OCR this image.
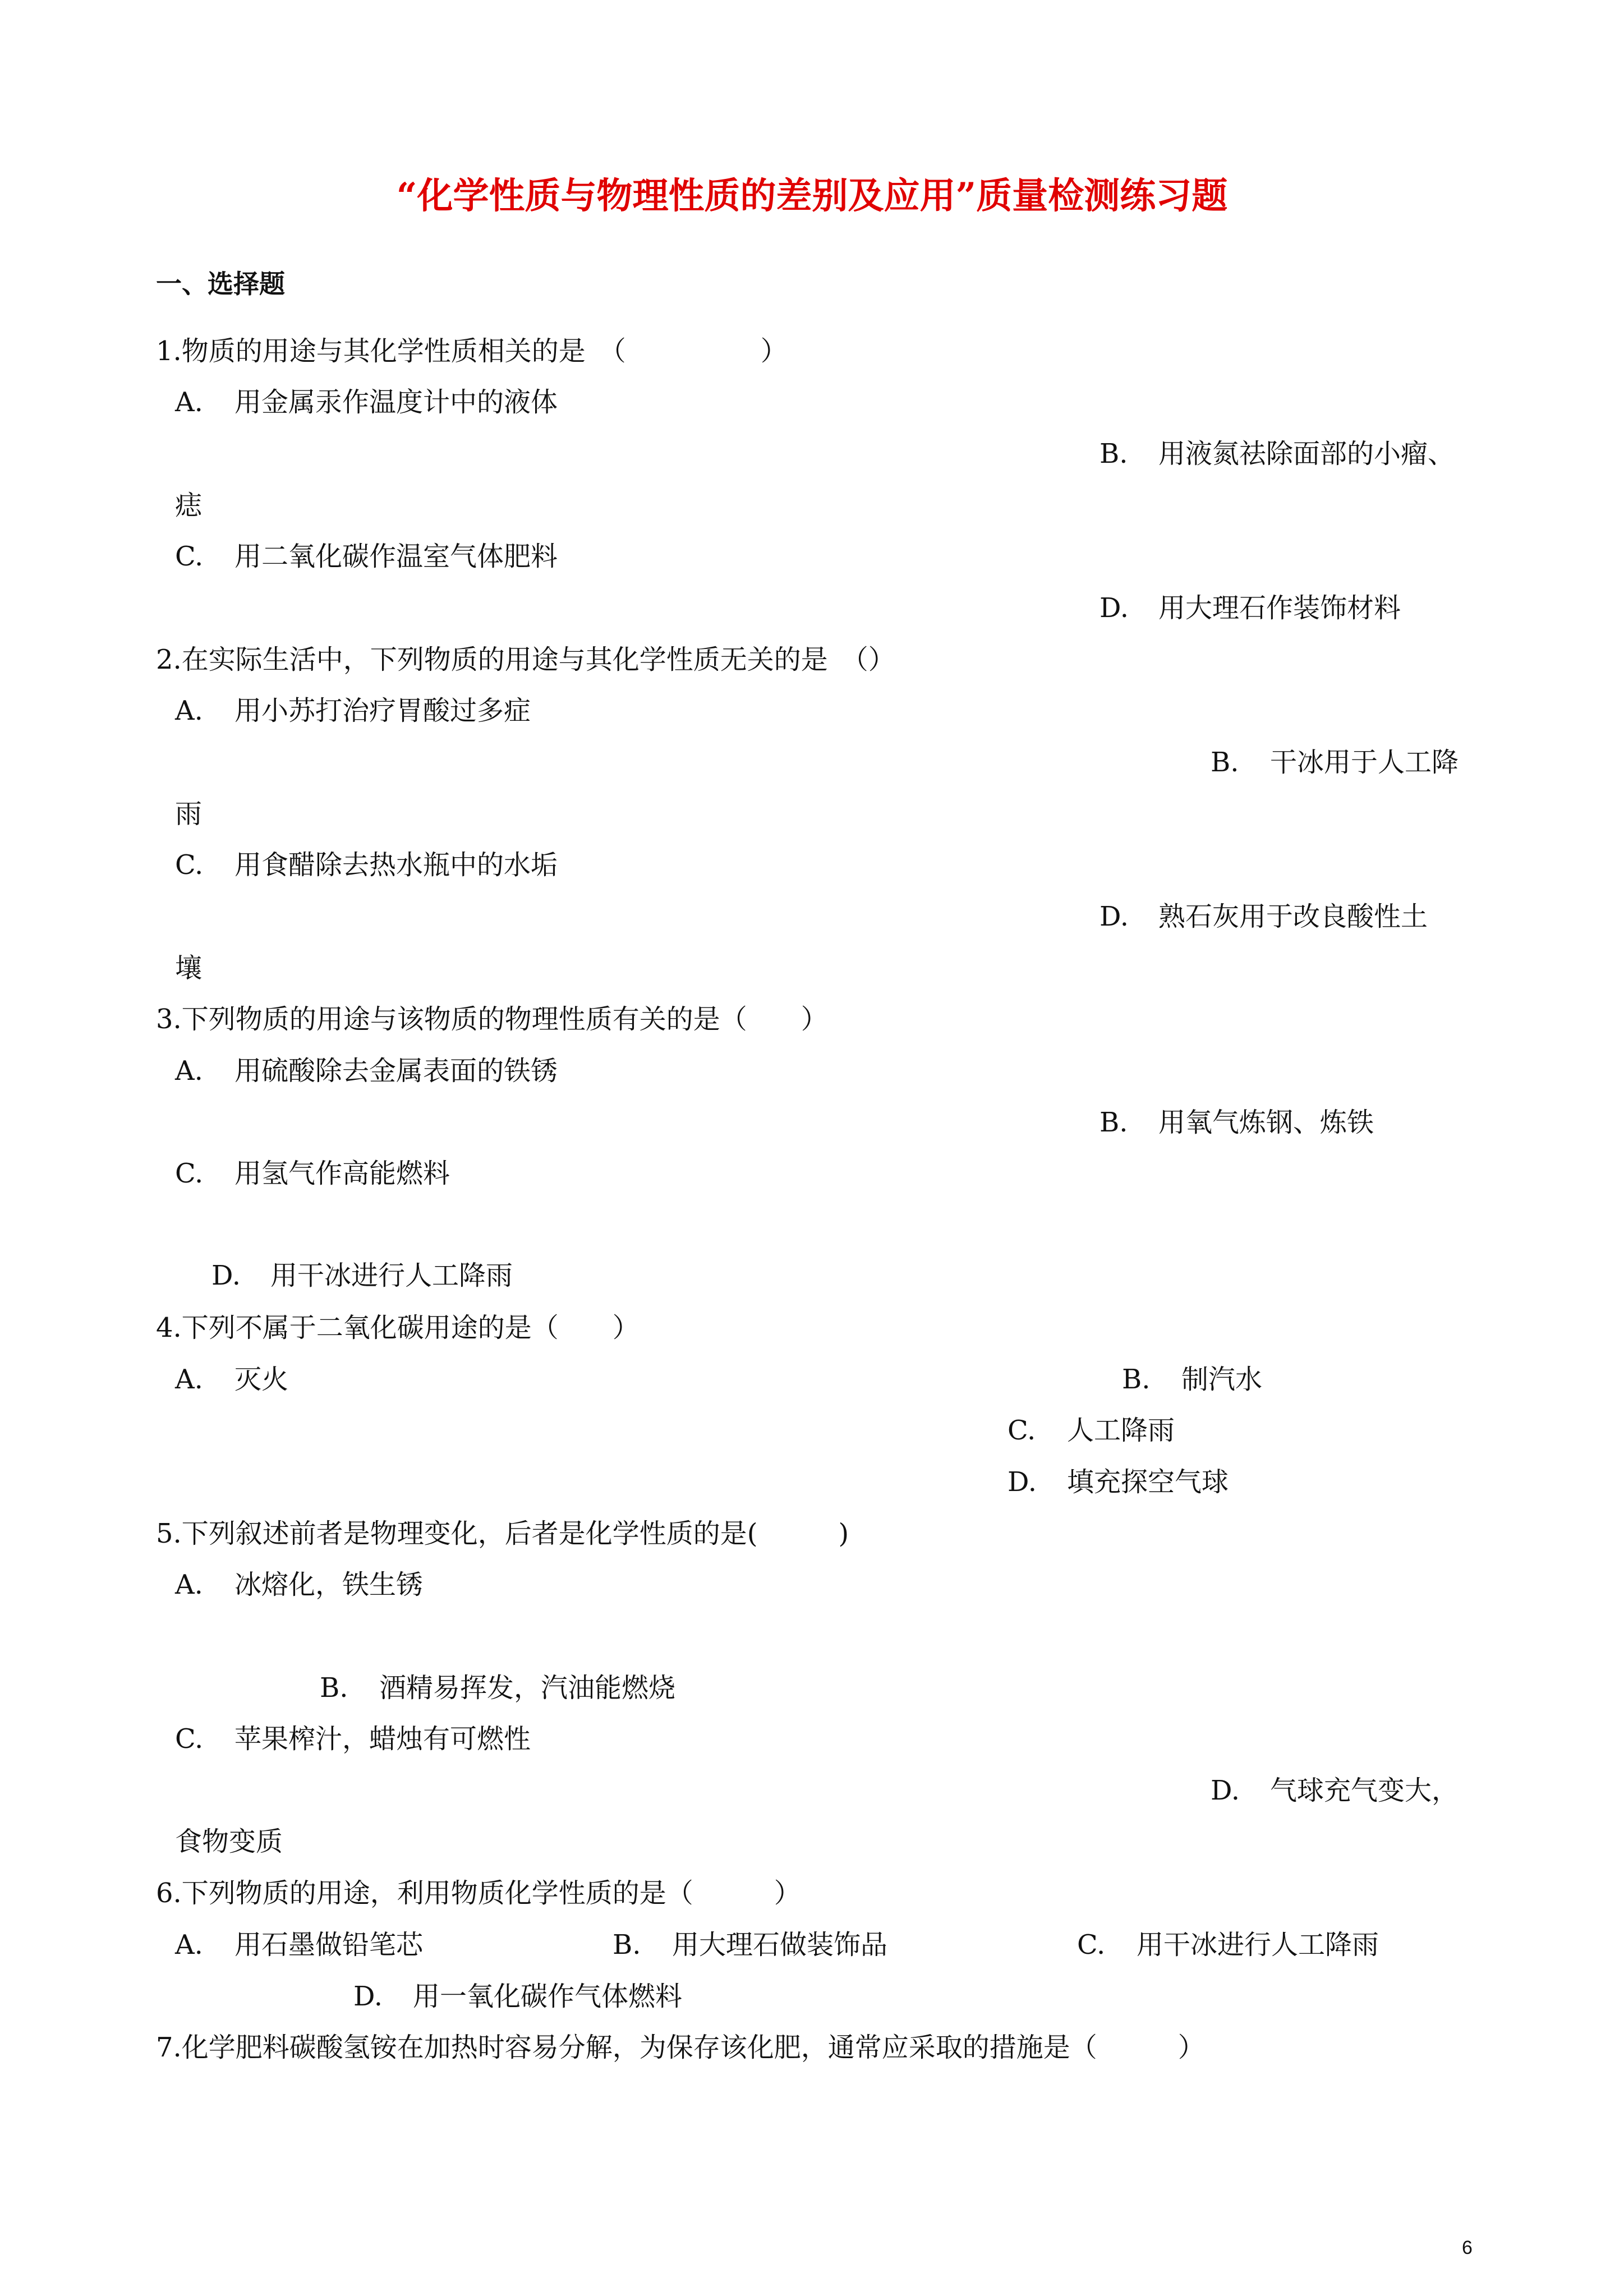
“化学性质与物理性质的差别及应用”质量检测练习题
一、选择题
1.物质的用途与其化学性质相关的是　（　　　　　）
A. 用金属汞作温度计中的液体
B. 用液氮祛除面部的小瘤、
痣
C. 用二氧化碳作温室气体肥料
D. 用大理石作装饰材料
2.在实际生活中，下列物质的用途与其化学性质无关的是　（）
A. 用小苏打治疗胃酸过多症
B. 干冰用于人工降
雨
C. 用食醋除去热水瓶中的水垢
D. 熟石灰用于改良酸性土
壤
3.下列物质的用途与该物质的物理性质有关的是（　　）
A. 用硫酸除去金属表面的铁锈
B. 用氧气炼钢、炼铁
C. 用氢气作高能燃料
D. 用干冰进行人工降雨
4.下列不属于二氧化碳用途的是（　　）
A. 灭火	B. 制汽水
C. 人工降雨
D. 填充探空气球
5.下列叙述前者是物理变化，后者是化学性质的是(　　　)
A. 冰熔化，铁生锈
B. 酒精易挥发，汽油能燃烧
C. 苹果榨汁，蜡烛有可燃性
D. 气球充气变大，
食物变质
6.下列物质的用途，利用物质化学性质的是（　　　）
A. 用石墨做铅笔芯	B. 用大理石做装饰品	C. 用干冰进行人工降雨
D. 用一氧化碳作气体燃料
7.化学肥料碳酸氢铵在加热时容易分解，为保存该化肥，通常应采取的措施是（　　　）
6
